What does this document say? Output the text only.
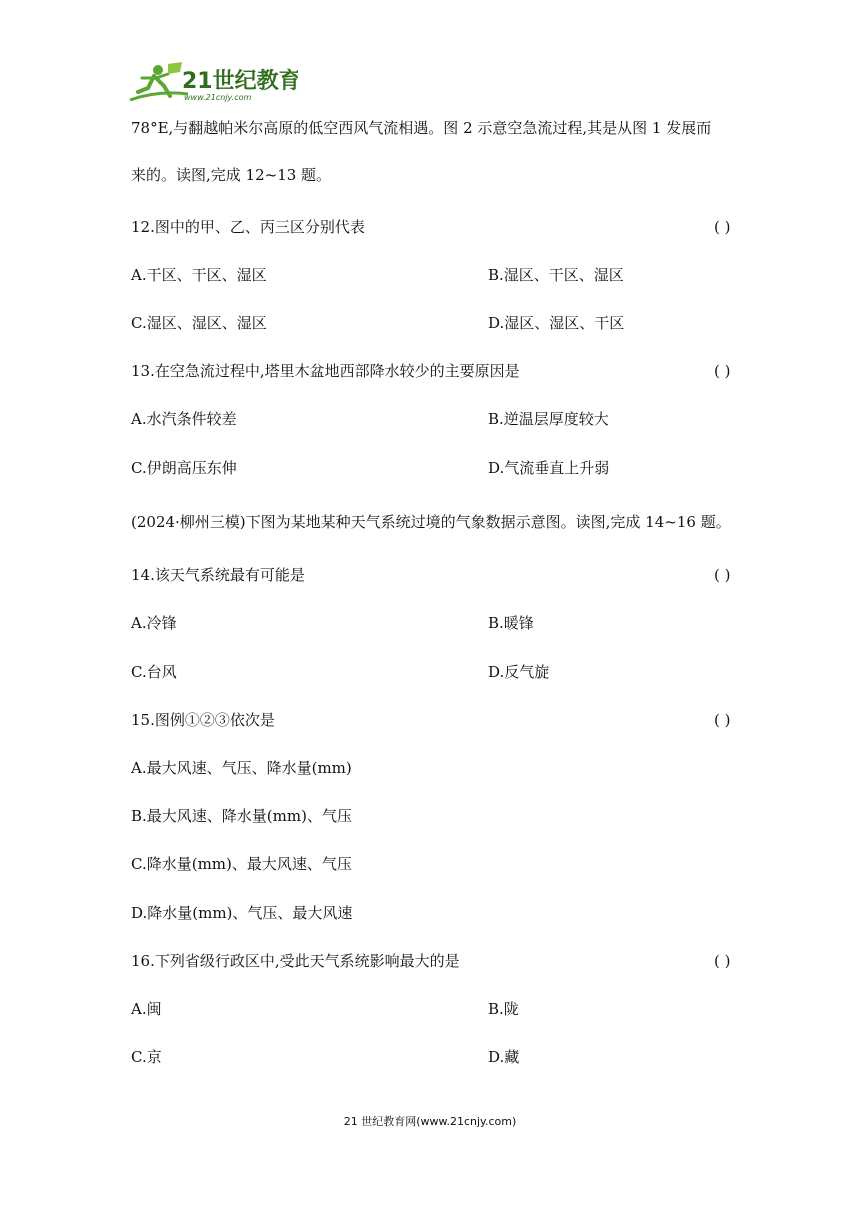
21世纪教育
www.21cnjy.com
78°E,与翻越帕米尔高原的低空西风气流相遇。图 2 示意空急流过程,其是从图 1 发展而
来的。读图,完成 12~13 题。
12.图中的甲、乙、丙三区分别代表	( )
A.干区、干区、湿区	B.湿区、干区、湿区
C.湿区、湿区、湿区	D.湿区、湿区、干区
13.在空急流过程中,塔里木盆地西部降水较少的主要原因是	( )
A.水汽条件较差	B.逆温层厚度较大
C.伊朗高压东伸	D.气流垂直上升弱
(2024·柳州三模)下图为某地某种天气系统过境的气象数据示意图。读图,完成 14~16 题。
14.该天气系统最有可能是	( )
A.冷锋	B.暖锋
C.台风	D.反气旋
15.图例①②③依次是	( )
A.最大风速、气压、降水量(mm)
B.最大风速、降水量(mm)、气压
C.降水量(mm)、最大风速、气压
D.降水量(mm)、气压、最大风速
16.下列省级行政区中,受此天气系统影响最大的是	( )
A.闽	B.陇
C.京	D.藏
21 世纪教育网(www.21cnjy.com)
